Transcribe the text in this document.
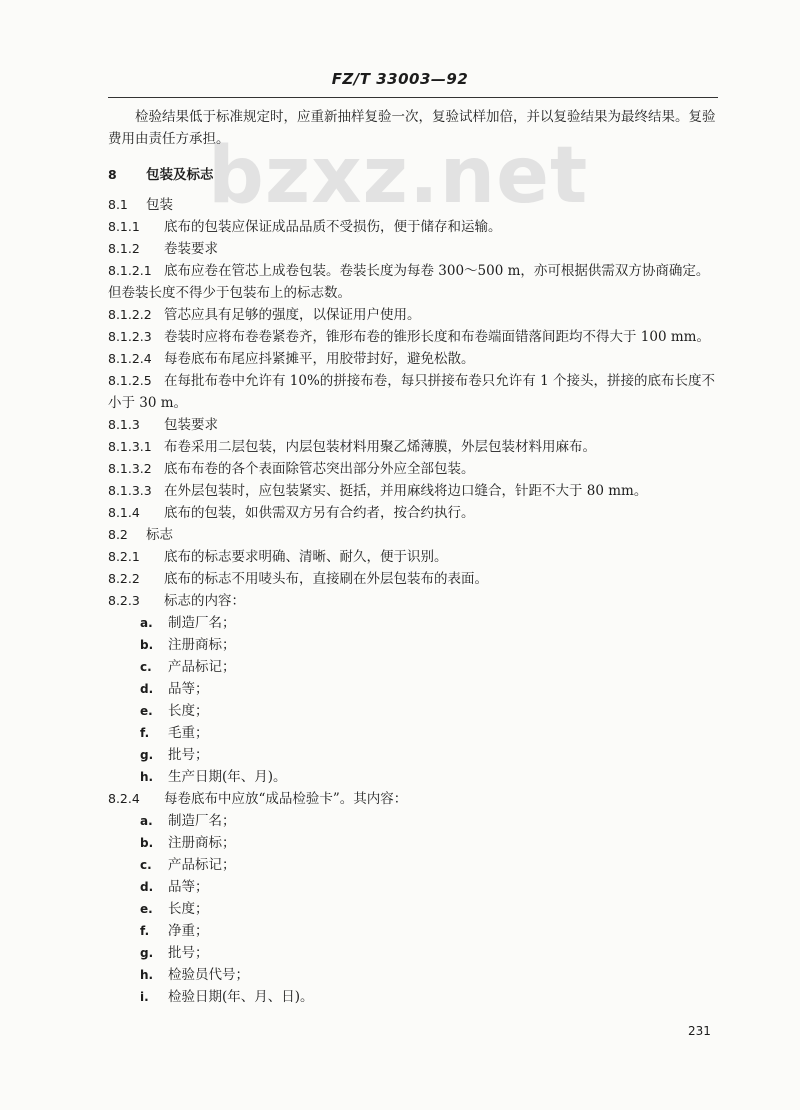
FZ/T 33003—92
bzxz.net

检验结果低于标准规定时，应重新抽样复验一次，复验试样加倍，并以复验结果为最终结果。复验费用由责任方承担。

8 包装及标志
8.1 包装
8.1.1 底布的包装应保证成品品质不受损伤，便于储存和运输。
8.1.2 卷装要求
8.1.2.1 底布应卷在管芯上成卷包装。卷装长度为每卷 300～500 m，亦可根据供需双方协商确定。但卷装长度不得少于包装布上的标志数。
8.1.2.2 管芯应具有足够的强度，以保证用户使用。
8.1.2.3 卷装时应将布卷卷紧卷齐，锥形布卷的锥形长度和布卷端面错落间距均不得大于 100 mm。
8.1.2.4 每卷底布布尾应抖紧摊平，用胶带封好，避免松散。
8.1.2.5 在每批布卷中允许有 10%的拼接布卷，每只拼接布卷只允许有 1 个接头，拼接的底布长度不小于 30 m。
8.1.3 包装要求
8.1.3.1 布卷采用二层包装，内层包装材料用聚乙烯薄膜，外层包装材料用麻布。
8.1.3.2 底布布卷的各个表面除管芯突出部分外应全部包装。
8.1.3.3 在外层包装时，应包装紧实、挺括，并用麻线将边口缝合，针距不大于 80 mm。
8.1.4 底布的包装，如供需双方另有合约者，按合约执行。
8.2 标志
8.2.1 底布的标志要求明确、清晰、耐久，便于识别。
8.2.2 底布的标志不用唛头布，直接刷在外层包装布的表面。
8.2.3 标志的内容：
a. 制造厂名；
b. 注册商标；
c. 产品标记；
d. 品等；
e. 长度；
f. 毛重；
g. 批号；
h. 生产日期(年、月)。
8.2.4 每卷底布中应放“成品检验卡”。其内容：
a. 制造厂名；
b. 注册商标；
c. 产品标记；
d. 品等；
e. 长度；
f. 净重；
g. 批号；
h. 检验员代号；
i. 检验日期(年、月、日)。
231
